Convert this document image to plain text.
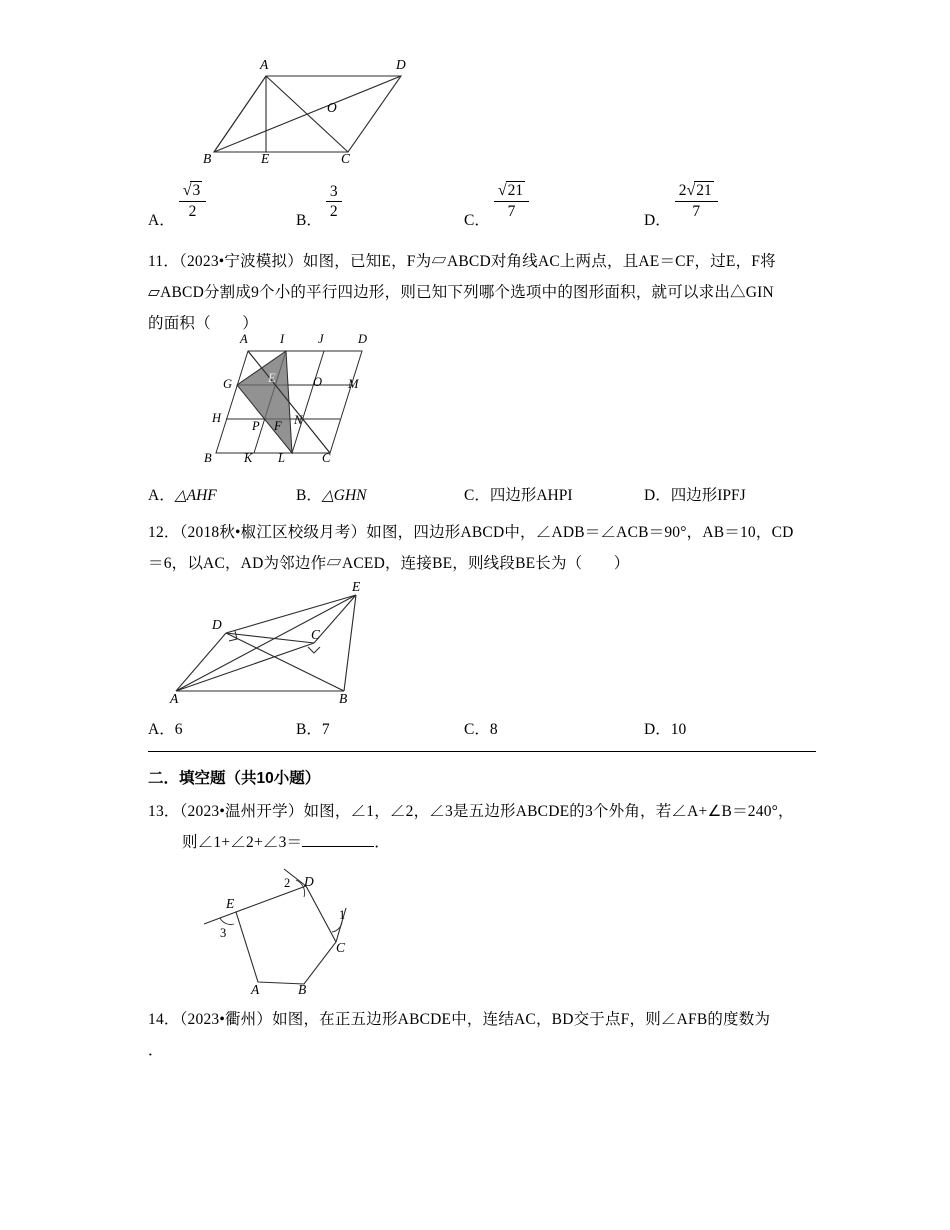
A	D
O
B	E	C
A． $\frac{√3}{2}$	B． $\frac{3}{2}$	C． $\frac{√21}{7}$	D． $\frac{2√21}{7}$
11．（2023•宁波模拟）如图，已知E，F为▱ABCD对角线AC上两点，且AE＝CF，过E，F将
▱ABCD分割成9个小的平行四边形，则已知下列哪个选项中的图形面积，就可以求出△GIN
的面积（　　）
A	I	J	D
G	E	O M
H
P F N
B	K L	C
A．△AHF	B．△GHN	C．四边形AHPI	D．四边形IPFJ
12．（2018秋•椒江区校级月考）如图，四边形ABCD中，∠ADB＝∠ACB＝90°，AB＝10，CD
＝6，以AC，AD为邻边作▱ACED，连接BE，则线段BE长为（　　）
E
D
C
A	B
A．6	B．7	C．8	D．10
二．填空题（共10小题）
13．（2023•温州开学）如图，∠1，∠2，∠3是五边形ABCDE的3个外角，若∠A+∠B＝240°，
则∠1+∠2+∠3＝	．
2 D
1
E
3
C
A	B
14．（2023•衢州）如图，在正五边形ABCDE中，连结AC，BD交于点F，则∠AFB的度数为
．
